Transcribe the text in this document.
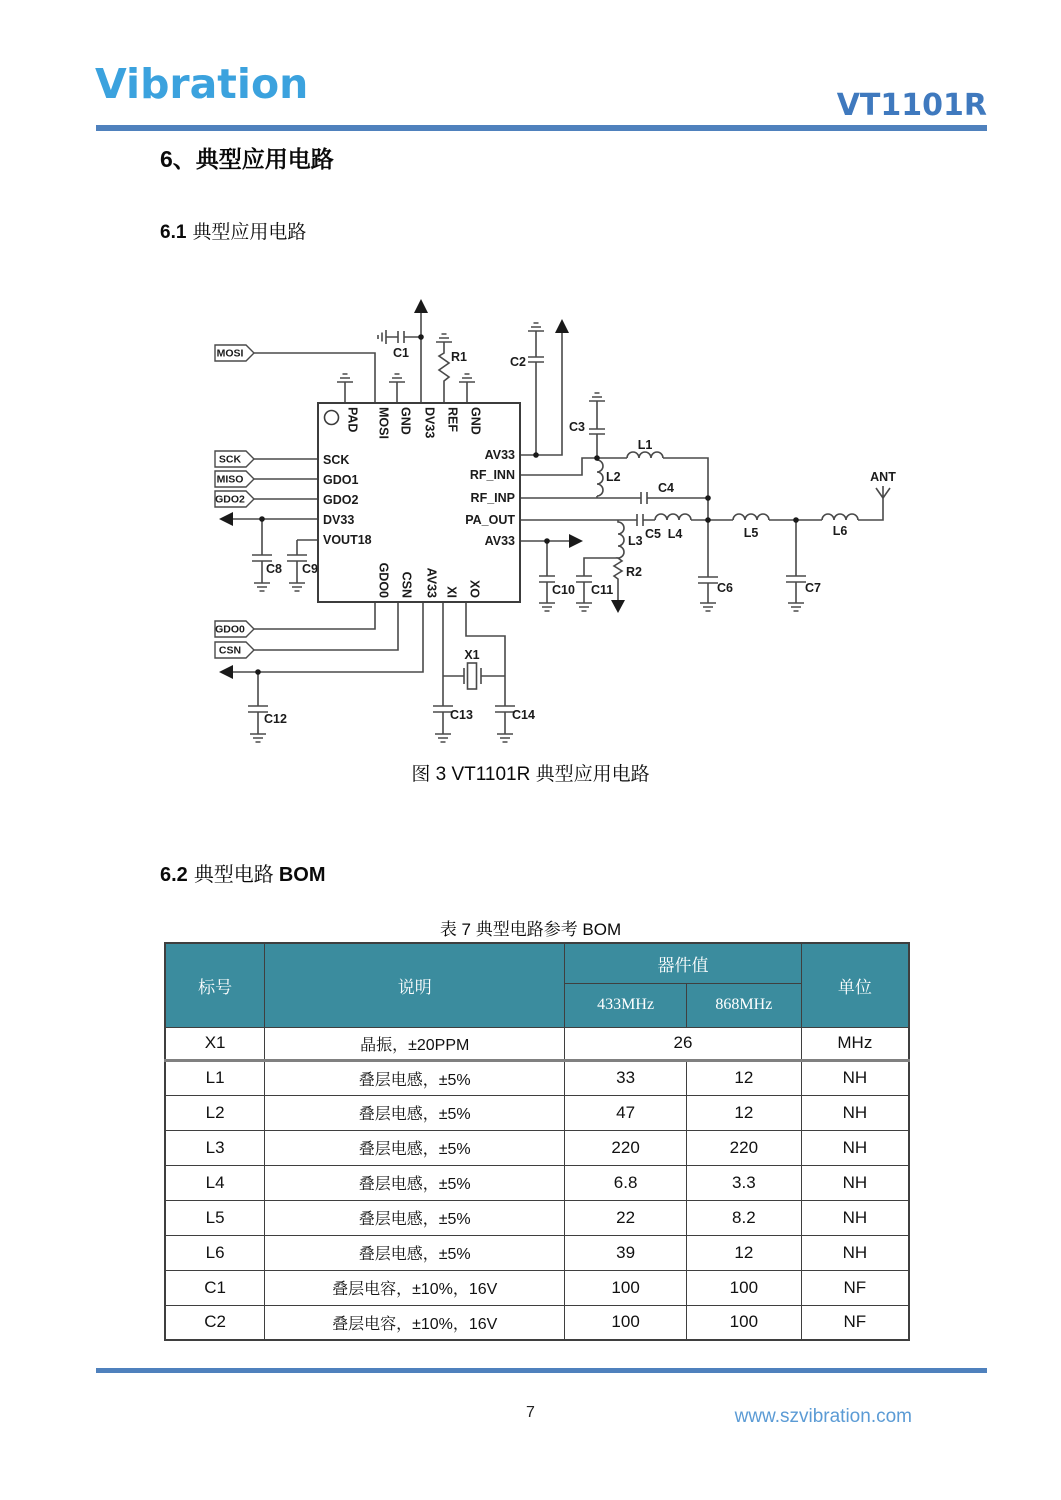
Vibration	VT1101R
6、典型应用电路
6.1 典型应用电路
MOSI
SCK
MISO
GDO2
GDO0
CSN
PAD MOSI GND DV33 REF GND
SCK
GDO1
GDO2
DV33
VOUT18
AV33
RF_INN
RF_INP
PA_OUT
AV33
GDO0 CSN AV33 XI XO
C1	R1	C2
C3
L1
L2
C4
L3
R2
C5 L4	L5	L6
ANT
C10 C11	C6	C7
C8 C9
C12	C13	C14
X1
图 3 VT1101R 典型应用电路
6.2 典型电路 BOM
表 7 典型电路参考 BOM
标号	说明	器件值		单位
		433MHz	868MHz	
X1	晶振，±20PPM	26		MHz
L1	叠层电感，±5%	33	12	NH
L2	叠层电感，±5%	47	12	NH
L3	叠层电感，±5%	220	220	NH
L4	叠层电感，±5%	6.8	3.3	NH
L5	叠层电感，±5%	22	8.2	NH
L6	叠层电感，±5%	39	12	NH
C1	叠层电容，±10%，16V	100	100	NF
C2	叠层电容，±10%，16V	100	100	NF
7	www.szvibration.com
